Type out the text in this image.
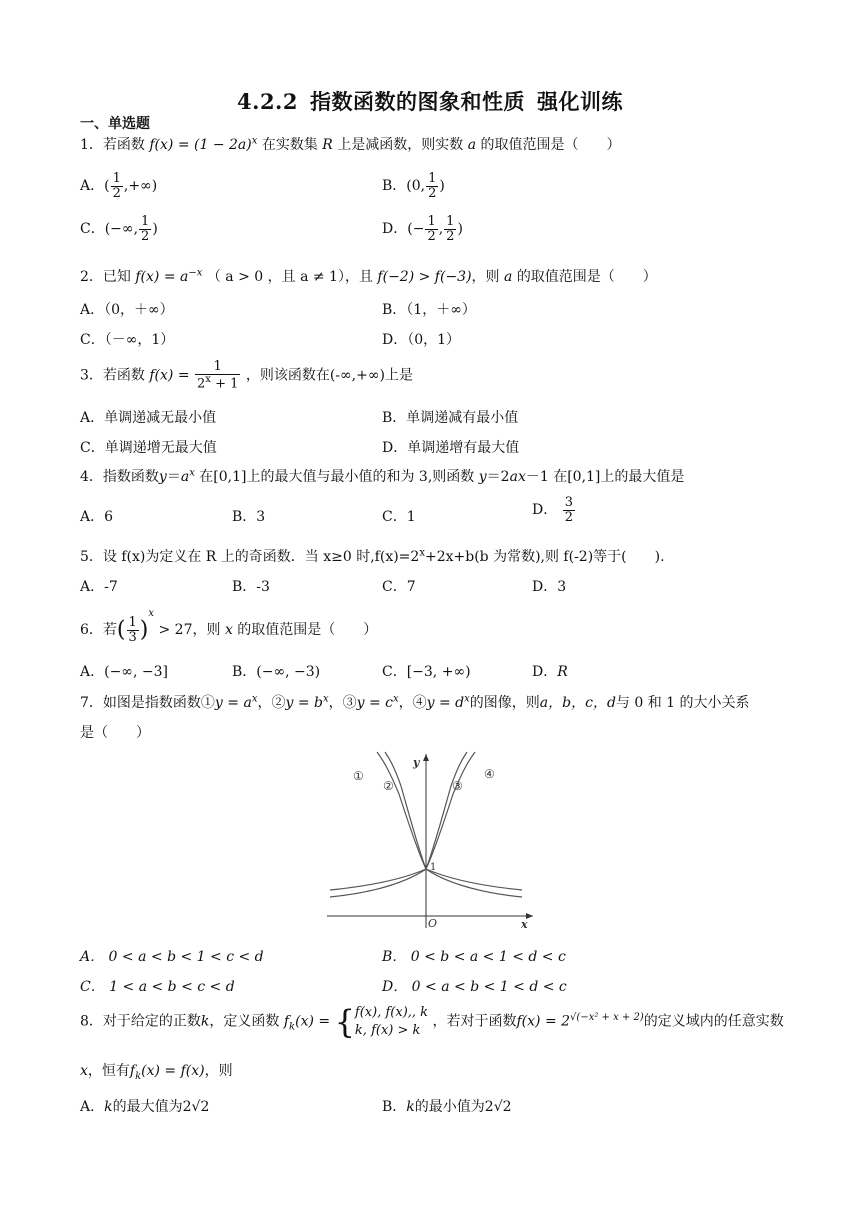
4.2.2 指数函数的图象和性质 强化训练
一、单选题
1．若函数 $f(x) = (1 - 2a)^x$ 在实数集 R 上是减函数，则实数 a 的取值范围是（　　）
A．( $\frac{1}{2}$ ,+∞)	B．(0, $\frac{1}{2}$ )
C．(−∞, $\frac{1}{2}$ )	D．(− $\frac{1}{2}$ , $\frac{1}{2}$ )
2．已知 $f(x) = a^{-x}$ （ a > 0 ，且 a ≠ 1），且 f(−2) > f(−3)，则 a 的取值范围是（　　）
A．（0，＋∞）	B．（1，＋∞）
C．（－∞，1）	D．（0，1）
3．若函数 $f(x) = \frac{1}{2^x + 1}$ ，则该函数在(-∞,+∞)上是
A．单调递减无最小值	B．单调递减有最小值
C．单调递增无最大值	D．单调递增有最大值
4．指数函数$y=a^x$ 在[0,1]上的最大值与最小值的和为 3,则函数 y＝2ax－1 在[0,1]上的最大值是
A．6	B．3	C．1	D． $\frac{3}{2}$
5．设 f(x)为定义在 R 上的奇函数．当 x≥0 时$,f(x)=2^x+2x+b(b$ 为常数),则 f(-2)等于(　　).
A．-7	B．-3	C．7	D．3
6．若( $\frac{1}{3} )^x > 27$，则 x 的取值范围是（　　）
A．(−∞, −3]	B．(−∞, −3)	C．[−3, +∞)	D．R
7．如图是指数函数①y = $a^x$，②y = $b^x$，③y = $c^x$，④y = $d^x$的图像，则a，b，c，d与 0 和 1 的大小关系
是（　　）
①
②	③
④
y
x
O
1
A． 0 < a < b < 1 < c < d	B． 0 < b < a < 1 < d < c
C． 1 < a < b < c < d	D． 0 < a < b < 1 < d < c
8．对于给定的正数k，定义函数 $f_k(x)$ = { f(x), f(x),, k
k, f(x) > k
，若对于函数$f(x) = 2^{√(-x^2 + x + 2)}$的定义域内的任意实数
x，恒有$f_k(x) = f(x)$，则
A．k的最大值为2√2	B．k的最小值为2√2
